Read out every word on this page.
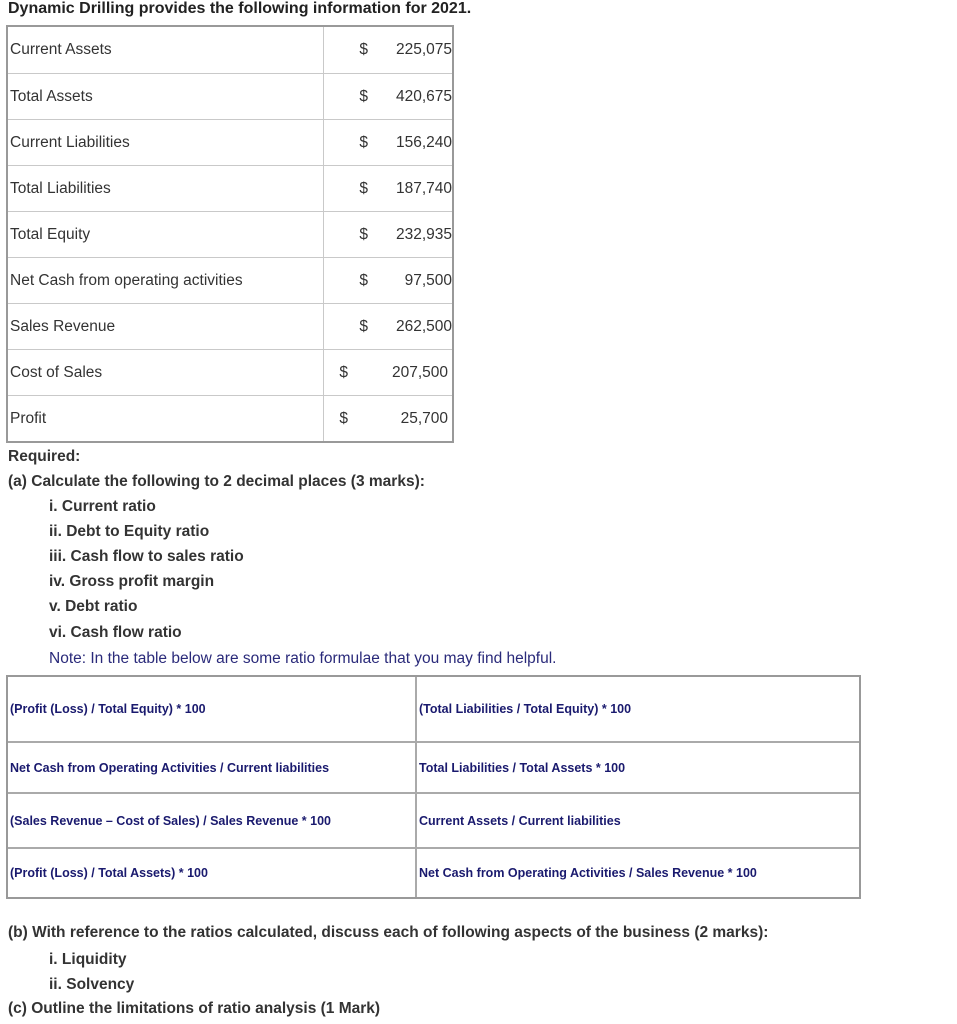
Dynamic Drilling provides the following information for 2021.
Current Assets	$	225,075
Total Assets	$	420,675
Current Liabilities	$	156,240
Total Liabilities	$	187,740
Total Equity	$	232,935
Net Cash from operating activities	$	97,500
Sales Revenue	$	262,500
Cost of Sales	$	207,500
Profit	$	25,700
Required:
(a) Calculate the following to 2 decimal places (3 marks):
i. Current ratio
ii. Debt to Equity ratio
iii. Cash flow to sales ratio
iv. Gross profit margin
v. Debt ratio
vi. Cash flow ratio
Note: In the table below are some ratio formulae that you may find helpful.
(Profit (Loss) / Total Equity) * 100	(Total Liabilities / Total Equity) * 100
Net Cash from Operating Activities / Current liabilities	Total Liabilities / Total Assets * 100
(Sales Revenue – Cost of Sales) / Sales Revenue * 100	Current Assets / Current liabilities
(Profit (Loss) / Total Assets) * 100	Net Cash from Operating Activities / Sales Revenue * 100
(b) With reference to the ratios calculated, discuss each of following aspects of the business (2 marks):
i. Liquidity
ii. Solvency
(c) Outline the limitations of ratio analysis (1 Mark)
